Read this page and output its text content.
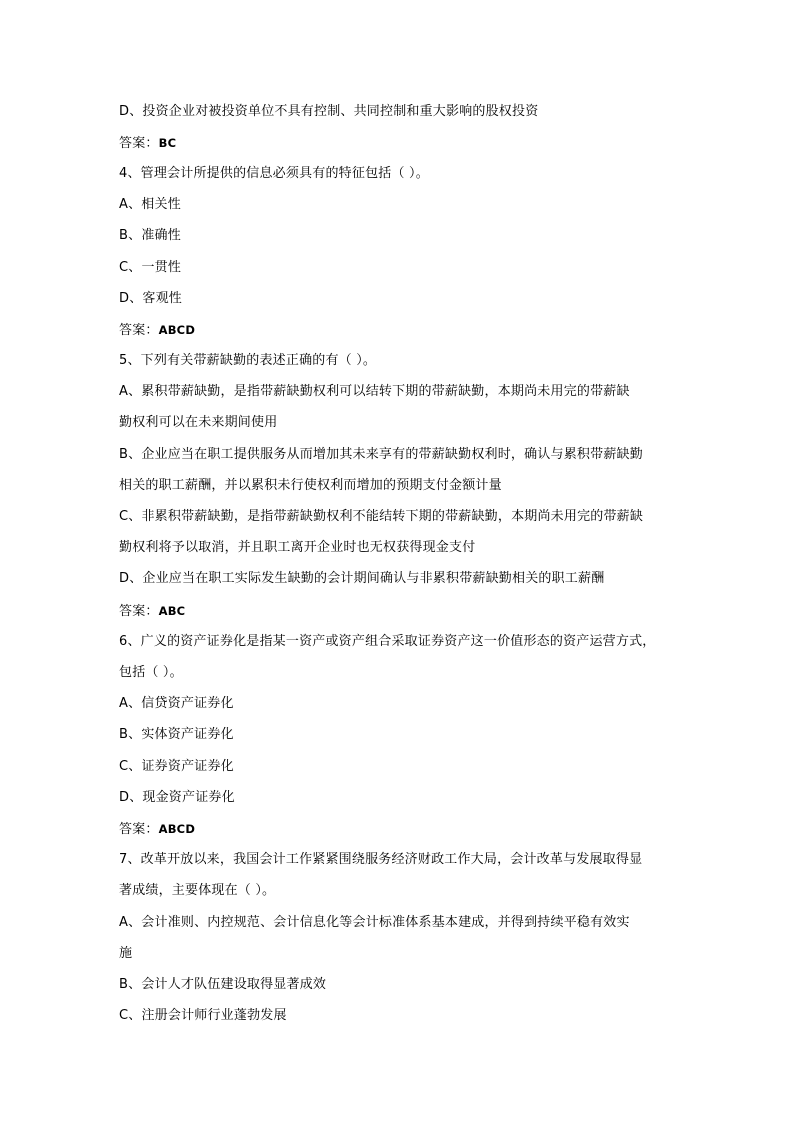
D、投资企业对被投资单位不具有控制、共同控制和重大影响的股权投资
答案：BC
4、管理会计所提供的信息必须具有的特征包括（ ）。
A、相关性
B、准确性
C、一贯性
D、客观性
答案：ABCD
5、下列有关带薪缺勤的表述正确的有（ ）。
A、累积带薪缺勤，是指带薪缺勤权利可以结转下期的带薪缺勤，本期尚未用完的带薪缺
勤权利可以在未来期间使用
B、企业应当在职工提供服务从而增加其未来享有的带薪缺勤权利时，确认与累积带薪缺勤
相关的职工薪酬，并以累积未行使权利而增加的预期支付金额计量
C、非累积带薪缺勤，是指带薪缺勤权利不能结转下期的带薪缺勤，本期尚未用完的带薪缺
勤权利将予以取消，并且职工离开企业时也无权获得现金支付
D、企业应当在职工实际发生缺勤的会计期间确认与非累积带薪缺勤相关的职工薪酬
答案：ABC
6、广义的资产证券化是指某一资产或资产组合采取证券资产这一价值形态的资产运营方式，
包括（ ）。
A、信贷资产证券化
B、实体资产证券化
C、证券资产证券化
D、现金资产证券化
答案：ABCD
7、改革开放以来，我国会计工作紧紧围绕服务经济财政工作大局，会计改革与发展取得显
著成绩，主要体现在（ ）。
A、会计准则、内控规范、会计信息化等会计标准体系基本建成，并得到持续平稳有效实
施
B、会计人才队伍建设取得显著成效
C、注册会计师行业蓬勃发展
